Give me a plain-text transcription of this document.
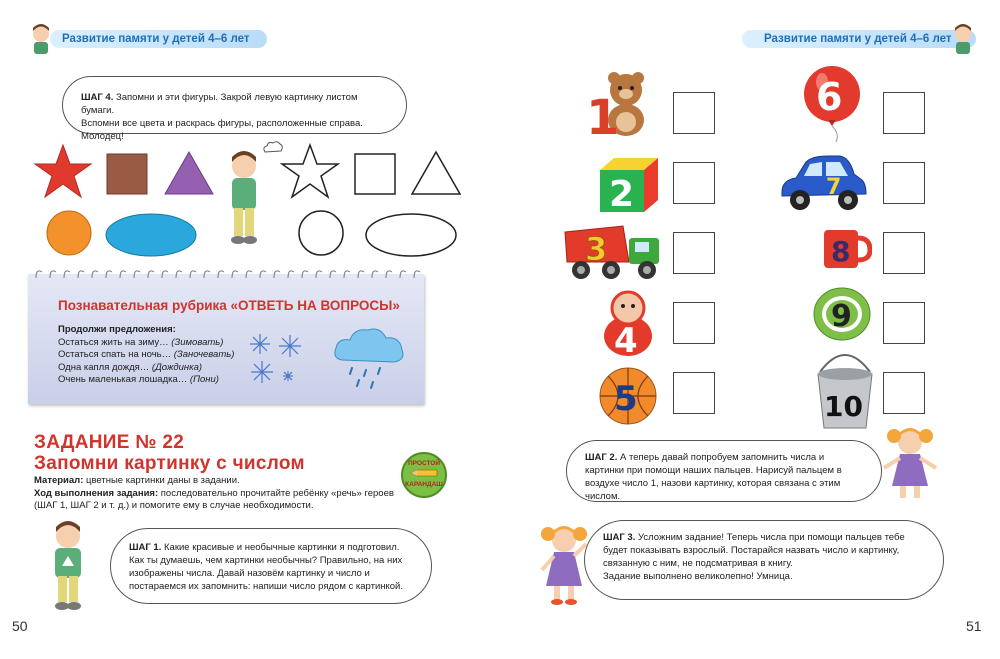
Развитие памяти у детей 4–6 лет
ШАГ 4. Запомни и эти фигуры. Закрой левую картинку листом бумаги.
Вспомни все цвета и раскрась фигуры, расположенные справа. Молодец!
Познавательная рубрика «ОТВЕТЬ НА ВОПРОСЫ»
Продолжи предложения:
Остаться жить на зиму… (Зимовать)
Остаться спать на ночь… (Заночевать)
Одна капля дождя… (Дождинка)
Очень маленькая лошадка… (Пони)
ЗАДАНИЕ № 22
Запомни картинку с числом
Материал: цветные картинки даны в задании.
Ход выполнения задания: последовательно прочитайте ребёнку «речь» героев (ШАГ 1, ШАГ 2 и т. д.) и помогите ему в случае необходимости.
ПРОСТОЙ
КАРАНДАШ
ШАГ 1. Какие красивые и необычные картинки я подготовил. Как ты думаешь, чем картинки необычны? Правильно, на них изображены числа. Давай назовём картинку и число и постараемся их запомнить: напиши число рядом с картинкой.
50
Развитие памяти у детей 4–6 лет
1
2
3
4
5
6
7
8
9
10
ШАГ 2. А теперь давай попробуем запомнить числа и картинки при помощи наших пальцев. Нарисуй пальцем в воздухе число 1, назови картинку, которая связана с этим числом.
ШАГ 3. Усложним задание! Теперь числа при помощи пальцев тебе будет показывать взрослый. Постарайся назвать число и картинку, связанную с ним, не подсматривая в книгу.
Задание выполнено великолепно! Умница.
51
